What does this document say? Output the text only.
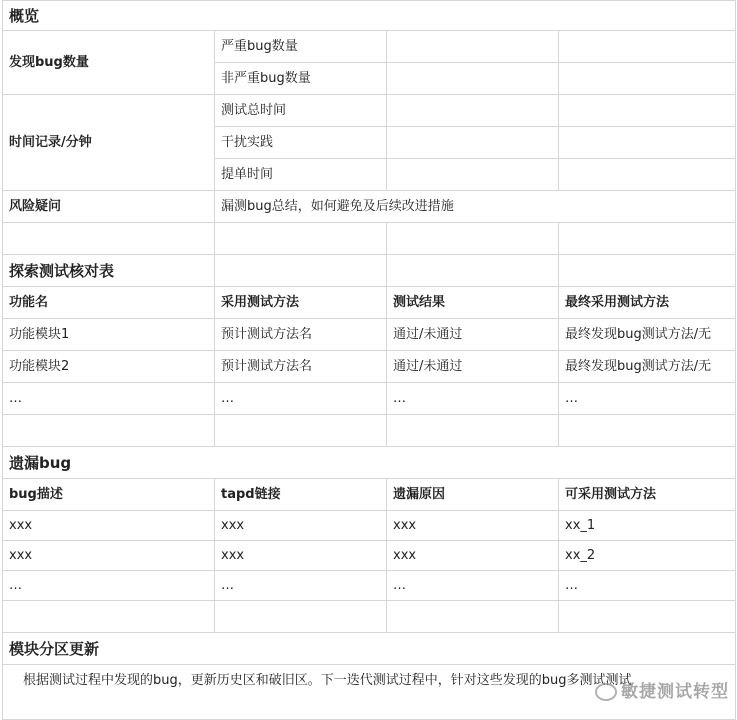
概览			
发现bug数量	严重bug数量		
	非严重bug数量		
时间记录/分钟	测试总时间		
	干扰实践		
	提单时间		
风险疑问	漏测bug总结，如何避免及后续改进措施		

探索测试核对表			
功能名	采用测试方法	测试结果	最终采用测试方法
功能模块1	预计测试方法名	通过/未通过	最终发现bug测试方法/无
功能模块2	预计测试方法名	通过/未通过	最终发现bug测试方法/无
…	…	…	…

遗漏bug			
bug描述	tapd链接	遗漏原因	可采用测试方法
xxx	xxx	xxx	xx_1
xxx	xxx	xxx	xx_2
…	…	…	…

模块分区更新			
根据测试过程中发现的bug，更新历史区和破旧区。下一迭代测试过程中，针对这些发现的bug多测试测试			
敏捷测试转型
